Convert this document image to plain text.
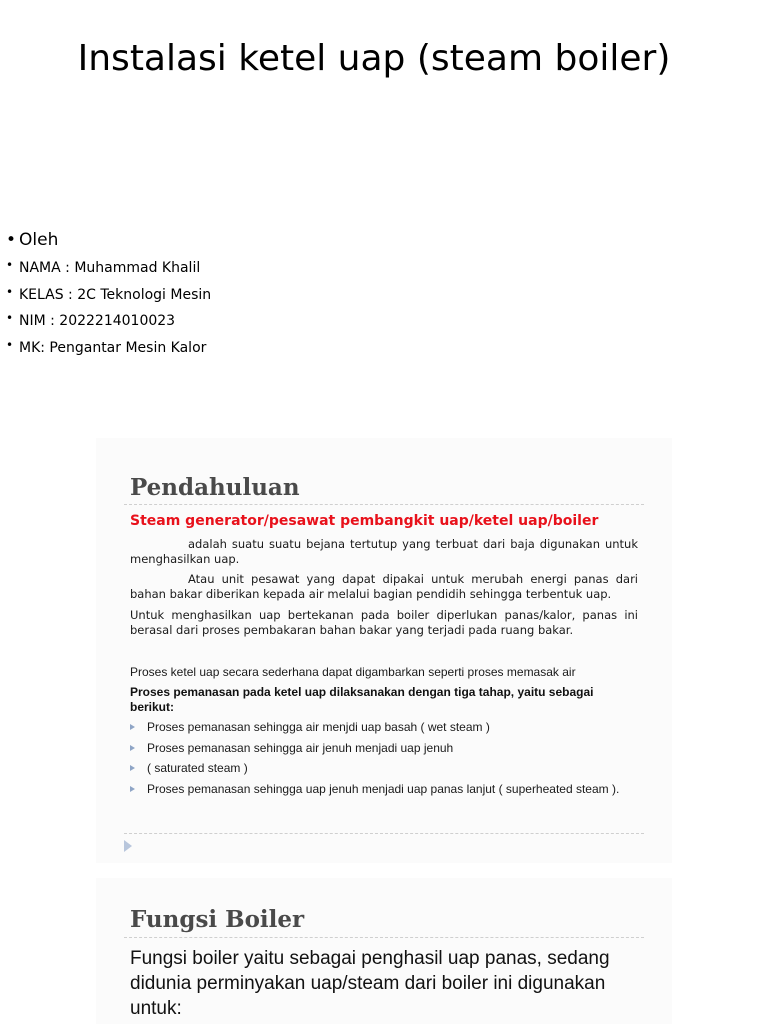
Instalasi ketel uap (steam boiler)
• Oleh
• NAMA : Muhammad Khalil
• KELAS : 2C Teknologi Mesin
• NIM : 2022214010023
• MK: Pengantar Mesin Kalor
Pendahuluan

Steam generator/pesawat pembangkit uap/ketel uap/boiler

adalah suatu suatu bejana tertutup yang terbuat dari baja digunakan untuk menghasilkan uap.

Atau unit pesawat yang dapat dipakai untuk merubah energi panas dari bahan bakar diberikan kepada air melalui bagian pendidih sehingga terbentuk uap.

Untuk menghasilkan uap bertekanan pada boiler diperlukan panas/kalor, panas ini berasal dari proses pembakaran bahan bakar yang terjadi pada ruang bakar.

Proses ketel uap secara sederhana dapat digambarkan seperti proses memasak air

Proses pemanasan pada ketel uap dilaksanakan dengan tiga tahap, yaitu sebagai berikut:

Proses pemanasan sehingga air menjdi uap basah ( wet steam )
Proses pemanasan sehingga air jenuh menjadi uap jenuh
( saturated steam )
Proses pemanasan sehingga uap jenuh menjadi uap panas lanjut ( superheated steam ).
Fungsi Boiler

Fungsi boiler yaitu sebagai penghasil uap panas, sedang didunia perminyakan uap/steam dari boiler ini digunakan untuk:
